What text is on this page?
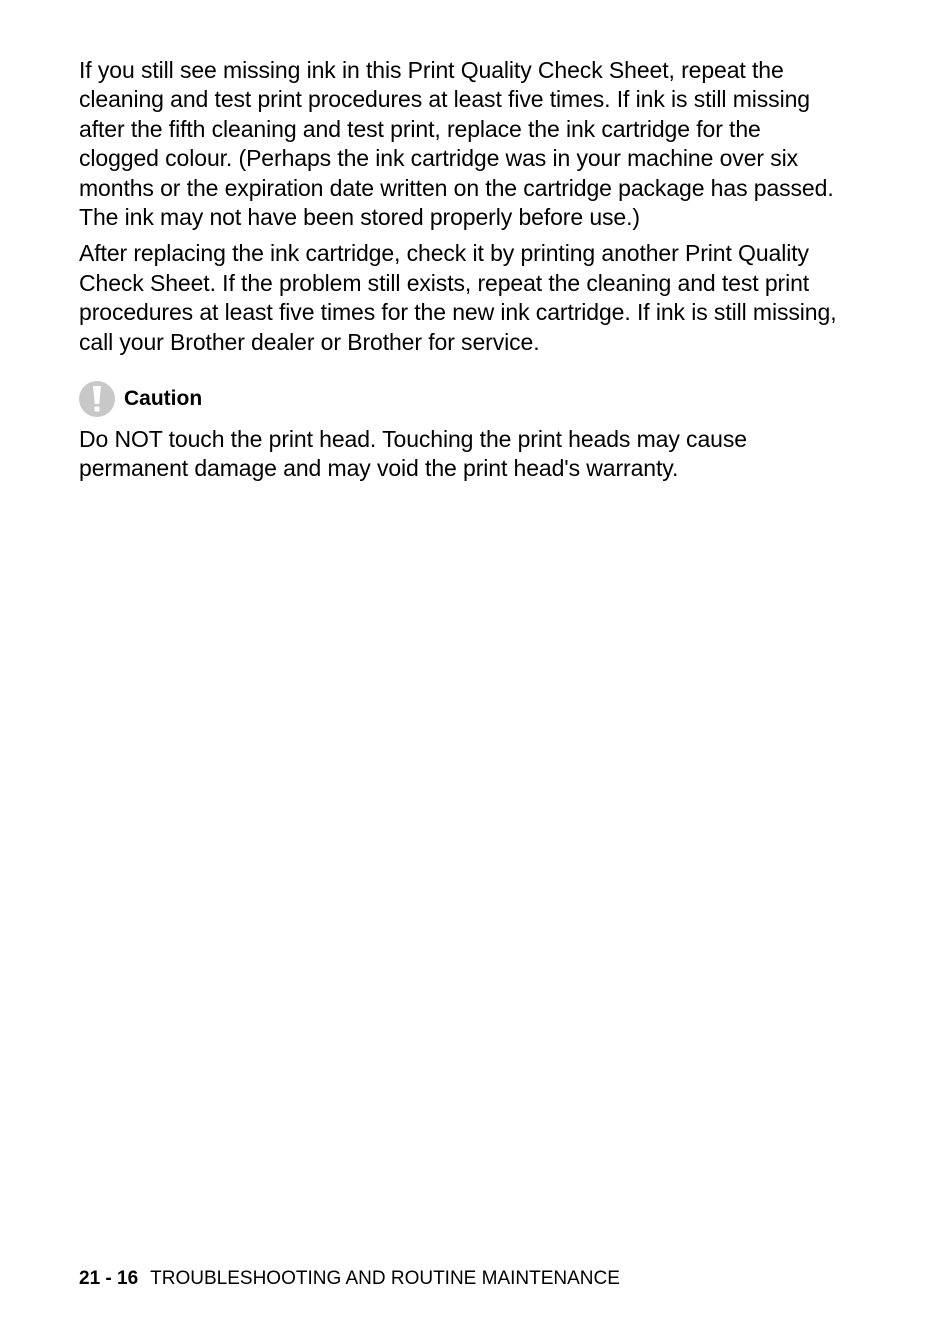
If you still see missing ink in this Print Quality Check Sheet, repeat the cleaning and test print procedures at least five times. If ink is still missing after the fifth cleaning and test print, replace the ink cartridge for the clogged colour. (Perhaps the ink cartridge was in your machine over six months or the expiration date written on the cartridge package has passed. The ink may not have been stored properly before use.)

After replacing the ink cartridge, check it by printing another Print Quality Check Sheet. If the problem still exists, repeat the cleaning and test print procedures at least five times for the new ink cartridge. If ink is still missing, call your Brother dealer or Brother for service.

Caution

Do NOT touch the print head. Touching the print heads may cause permanent damage and may void the print head's warranty.

21 - 16 TROUBLESHOOTING AND ROUTINE MAINTENANCE
